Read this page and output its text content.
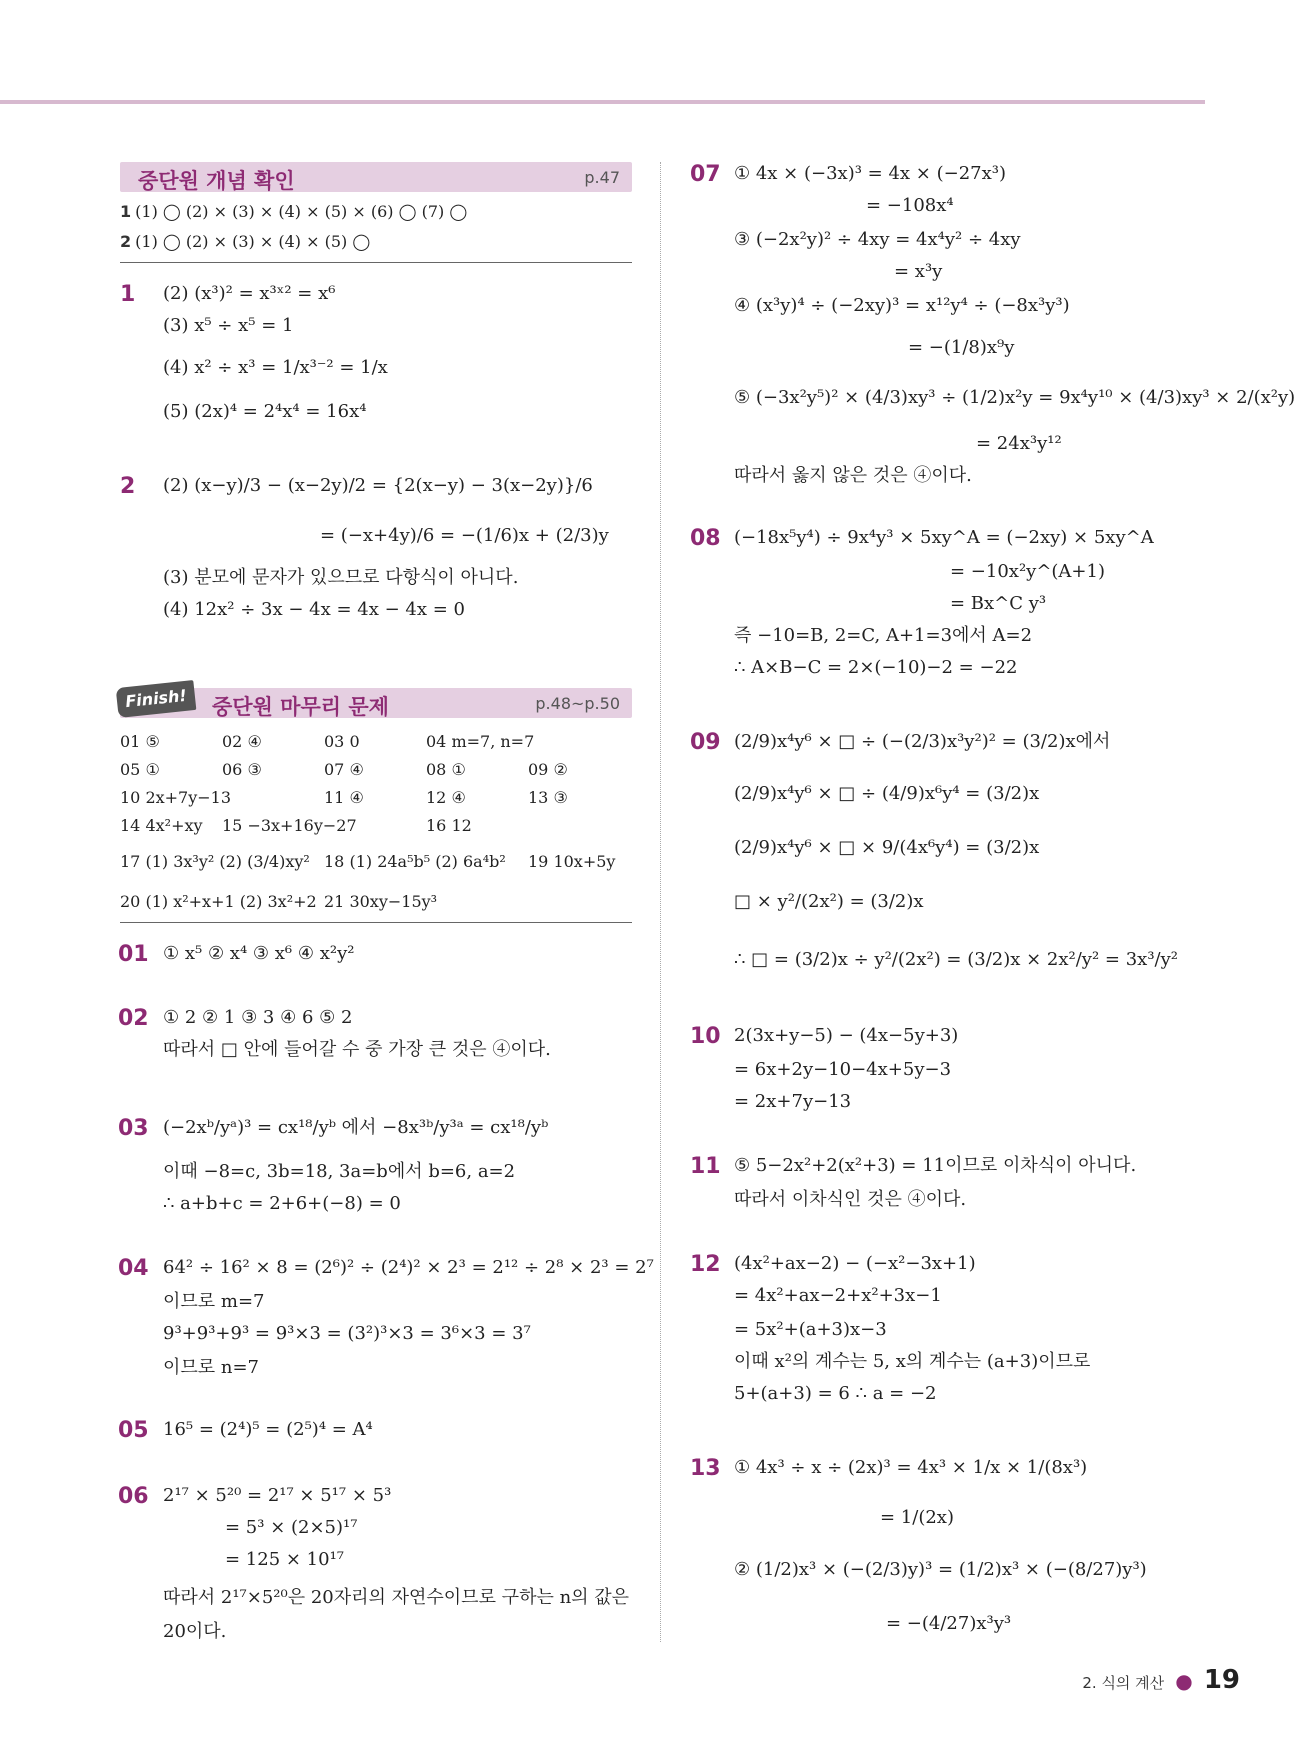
중단원 개념 확인	p.47
1 (1) ◯ (2) × (3) × (4) × (5) × (6) ◯ (7) ◯
2 (1) ◯ (2) × (3) × (4) × (5) ◯
1 (2) (x³)² = x³ˣ² = x⁶
(3) x⁵ ÷ x⁵ = 1
(4) x² ÷ x³ = 1/x³⁻² = 1/x
(5) (2x)⁴ = 2⁴x⁴ = 16x⁴
2 (2) (x−y)/3 − (x−2y)/2 = {2(x−y) − 3(x−2y)}/6
= (−x+4y)/6 = −(1/6)x + (2/3)y
(3) 분모에 문자가 있으므로 다항식이 아니다.
(4) 12x² ÷ 3x − 4x = 4x − 4x = 0
중단원 마무리 문제	p.48~p.50
Finish!
01 ⑤	02 ④	03 0	04 m=7, n=7
05 ①	06 ③	07 ④	08 ①	09 ②
10 2x+7y−13	11 ④	12 ④	13 ③
14 4x²+xy 15 −3x+16y−27	16 12
17 (1) 3x³y² (2) (3/4)xy² 18 (1) 24a⁵b⁵ (2) 6a⁴b² 19 10x+5y
20 (1) x²+x+1 (2) 3x²+2 21 30xy−15y³
01 ① x⁵ ② x⁴ ③ x⁶ ④ x²y²
02 ① 2 ② 1 ③ 3 ④ 6 ⑤ 2
따라서 □ 안에 들어갈 수 중 가장 큰 것은 ④이다.
03 (−2xᵇ/yᵃ)³ = cx¹⁸/yᵇ 에서 −8x³ᵇ/y³ᵃ = cx¹⁸/yᵇ
이때 −8=c, 3b=18, 3a=b에서 b=6, a=2
∴ a+b+c = 2+6+(−8) = 0
04 64² ÷ 16² × 8 = (2⁶)² ÷ (2⁴)² × 2³ = 2¹² ÷ 2⁸ × 2³ = 2⁷
이므로 m=7
9³+9³+9³ = 9³×3 = (3²)³×3 = 3⁶×3 = 3⁷
이므로 n=7
05 16⁵ = (2⁴)⁵ = (2⁵)⁴ = A⁴
06 2¹⁷ × 5²⁰ = 2¹⁷ × 5¹⁷ × 5³
= 5³ × (2×5)¹⁷
= 125 × 10¹⁷
따라서 2¹⁷×5²⁰은 20자리의 자연수이므로 구하는 n의 값은
20이다.
07 ① 4x × (−3x)³ = 4x × (−27x³)
= −108x⁴
③ (−2x²y)² ÷ 4xy = 4x⁴y² ÷ 4xy
= x³y
④ (x³y)⁴ ÷ (−2xy)³ = x¹²y⁴ ÷ (−8x³y³)
= −(1/8)x⁹y
⑤ (−3x²y⁵)² × (4/3)xy³ ÷ (1/2)x²y = 9x⁴y¹⁰ × (4/3)xy³ × 2/(x²y)
= 24x³y¹²
따라서 옳지 않은 것은 ④이다.
08 (−18x⁵y⁴) ÷ 9x⁴y³ × 5xy^A = (−2xy) × 5xy^A
= −10x²y^(A+1)
= Bx^C y³
즉 −10=B, 2=C, A+1=3에서 A=2
∴ A×B−C = 2×(−10)−2 = −22
09 (2/9)x⁴y⁶ × □ ÷ (−(2/3)x³y²)² = (3/2)x에서
(2/9)x⁴y⁶ × □ ÷ (4/9)x⁶y⁴ = (3/2)x
(2/9)x⁴y⁶ × □ × 9/(4x⁶y⁴) = (3/2)x
□ × y²/(2x²) = (3/2)x
∴ □ = (3/2)x ÷ y²/(2x²) = (3/2)x × 2x²/y² = 3x³/y²
10 2(3x+y−5) − (4x−5y+3)
= 6x+2y−10−4x+5y−3
= 2x+7y−13
11 ⑤ 5−2x²+2(x²+3) = 11이므로 이차식이 아니다.
따라서 이차식인 것은 ④이다.
12 (4x²+ax−2) − (−x²−3x+1)
= 4x²+ax−2+x²+3x−1
= 5x²+(a+3)x−3
이때 x²의 계수는 5, x의 계수는 (a+3)이므로
5+(a+3) = 6 ∴ a = −2
13 ① 4x³ ÷ x ÷ (2x)³ = 4x³ × 1/x × 1/(8x³)
= 1/(2x)
② (1/2)x³ × (−(2/3)y)³ = (1/2)x³ × (−(8/27)y³)
= −(4/27)x³y³
2. 식의 계산 ● 19
